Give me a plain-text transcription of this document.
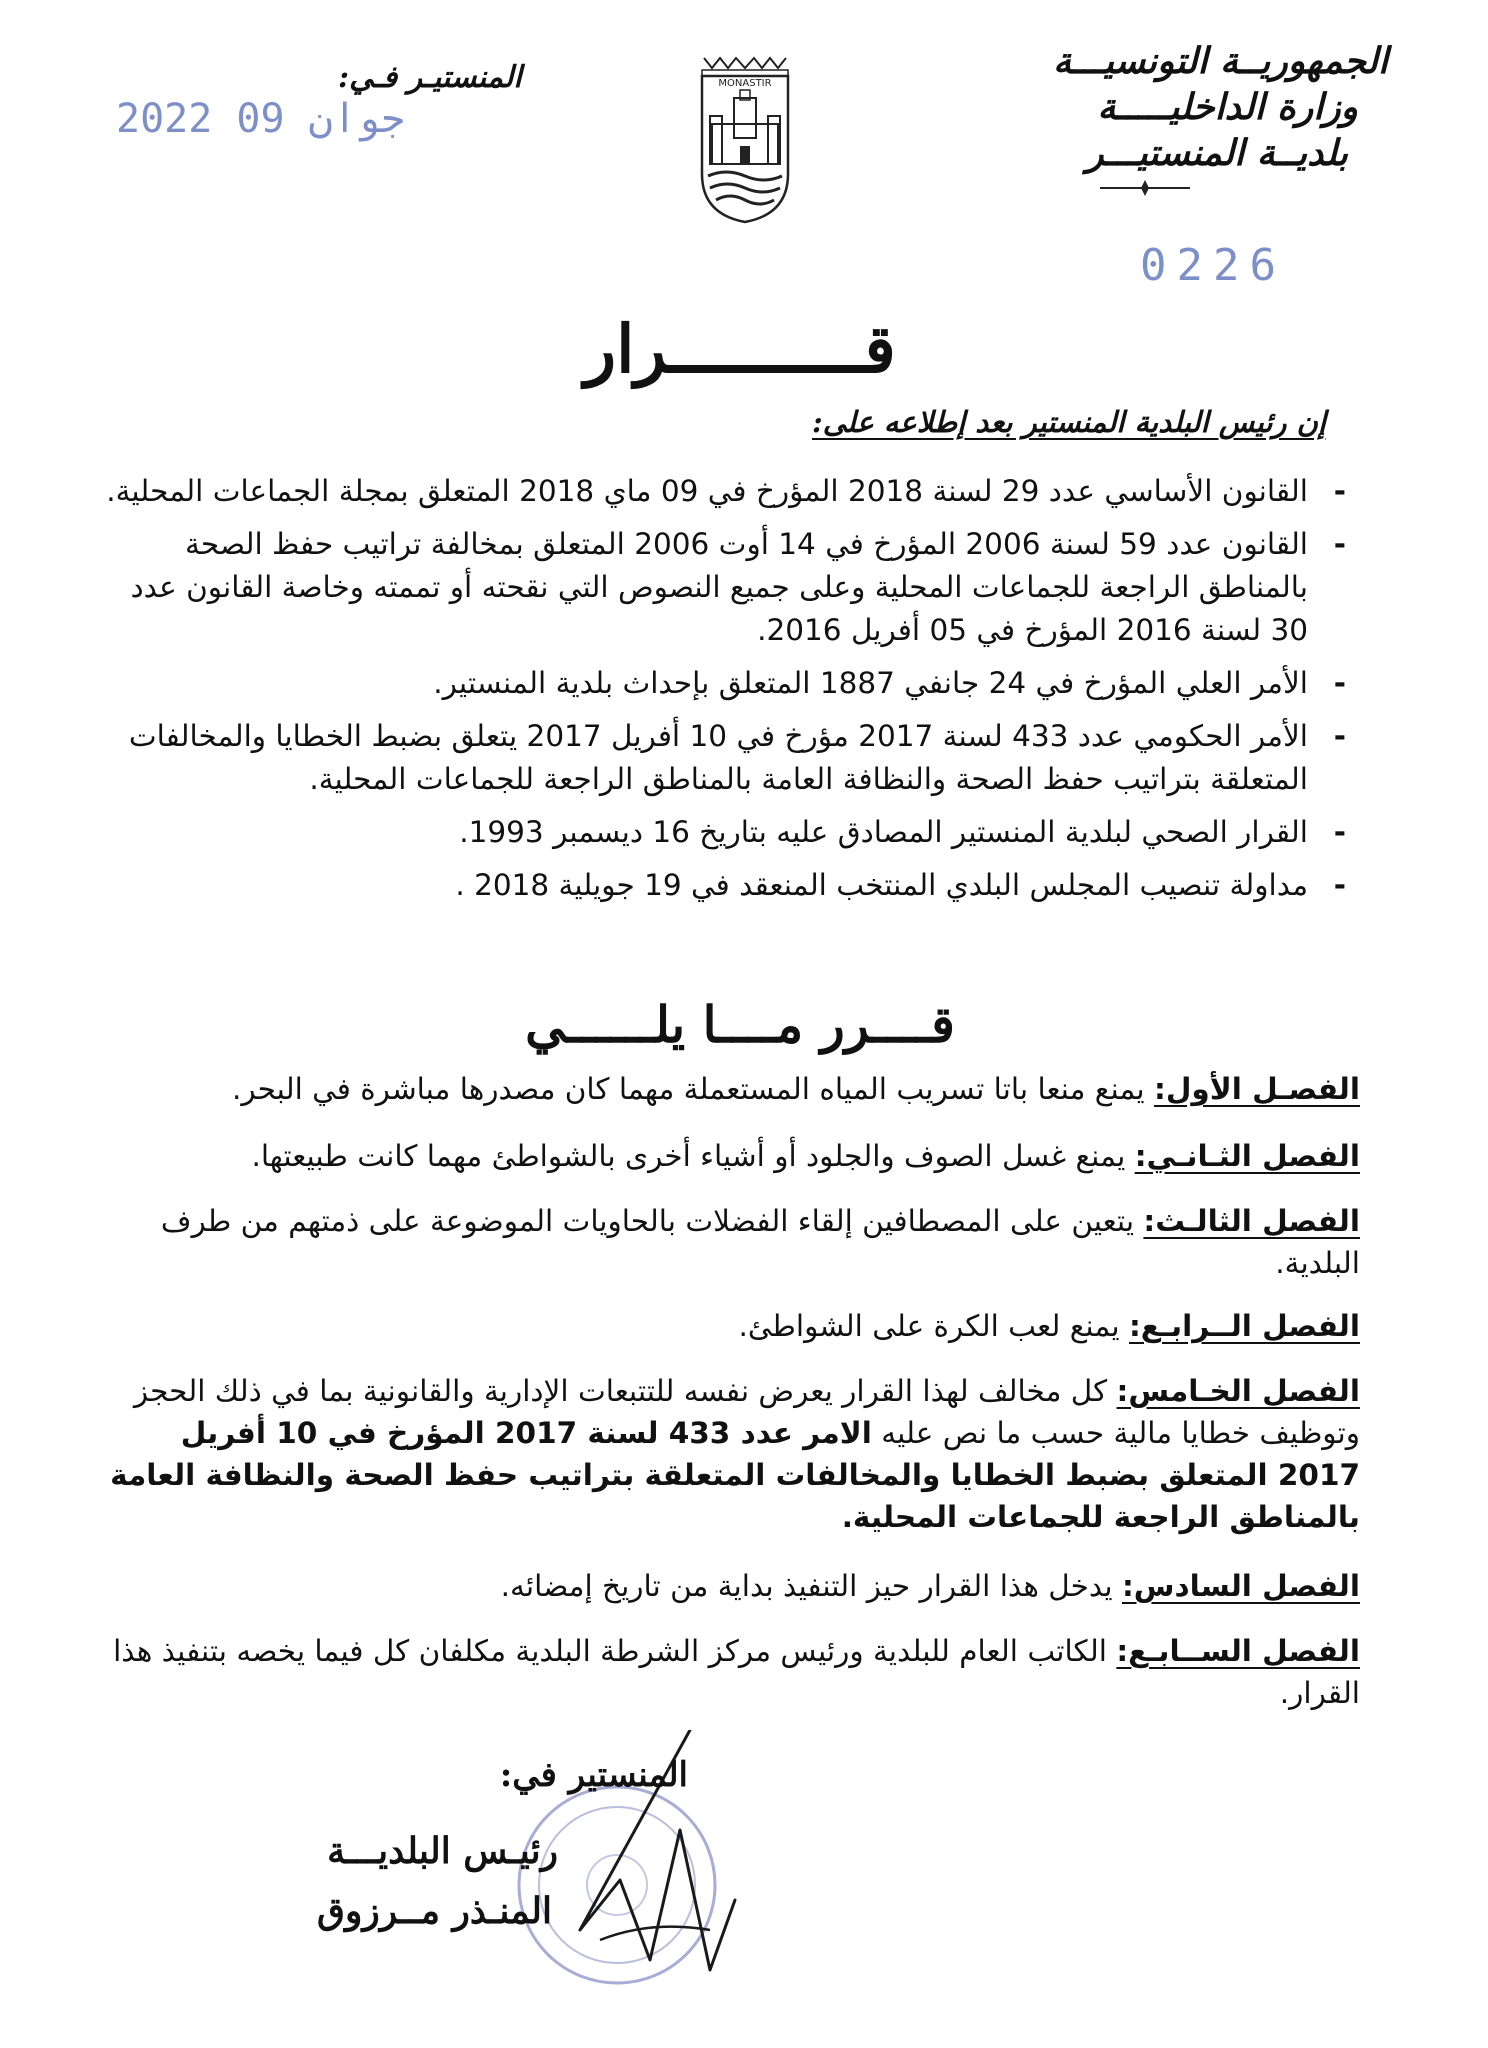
الجمهوريــة التونسيـــة
وزارة الداخليـــــة
بلديــة المنستيـــر
المنستيـر فـي:
2022 جوان 09
0226
MONASTIR
قــــــــــرار
إن رئيس البلدية المنستير بعد إطلاعه على:
- القانون الأساسي عدد 29 لسنة 2018 المؤرخ في 09 ماي 2018 المتعلق بمجلة الجماعات المحلية.
- القانون عدد 59 لسنة 2006 المؤرخ في 14 أوت 2006 المتعلق بمخالفة تراتيب حفظ الصحة بالمناطق الراجعة للجماعات المحلية وعلى جميع النصوص التي نقحته أو تممته وخاصة القانون عدد 30 لسنة 2016 المؤرخ في 05 أفريل 2016.
- الأمر العلي المؤرخ في 24 جانفي 1887 المتعلق بإحداث بلدية المنستير.
- الأمر الحكومي عدد 433 لسنة 2017 مؤرخ في 10 أفريل 2017 يتعلق بضبط الخطايا والمخالفات المتعلقة بتراتيب حفظ الصحة والنظافة العامة بالمناطق الراجعة للجماعات المحلية.
- القرار الصحي لبلدية المنستير المصادق عليه بتاريخ 16 ديسمبر 1993.
- مداولة تنصيب المجلس البلدي المنتخب المنعقد في 19 جويلية 2018 .
قــــرر مــــا يلــــــي
الفصـل الأول: يمنع منعا باتا تسريب المياه المستعملة مهما كان مصدرها مباشرة في البحر.
الفصل الثـانـي: يمنع غسل الصوف والجلود أو أشياء أخرى بالشواطئ مهما كانت طبيعتها.
الفصل الثالـث: يتعين على المصطافين إلقاء الفضلات بالحاويات الموضوعة على ذمتهم من طرف البلدية.
الفصل الــرابـع: يمنع لعب الكرة على الشواطئ.
الفصل الخـامس: كل مخالف لهذا القرار يعرض نفسه للتتبعات الإدارية والقانونية بما في ذلك الحجز وتوظيف خطايا مالية حسب ما نص عليه الامر عدد 433 لسنة 2017 المؤرخ في 10 أفريل 2017 المتعلق بضبط الخطايا والمخالفات المتعلقة بتراتيب حفظ الصحة والنظافة العامة بالمناطق الراجعة للجماعات المحلية.
الفصل السادس: يدخل هذا القرار حيز التنفيذ بداية من تاريخ إمضائه.
الفصل الســابـع: الكاتب العام للبلدية ورئيس مركز الشرطة البلدية مكلفان كل فيما يخصه بتنفيذ هذا القرار.
المنستير في:
رئيـس البلديـــة
المنـذر مــرزوق
